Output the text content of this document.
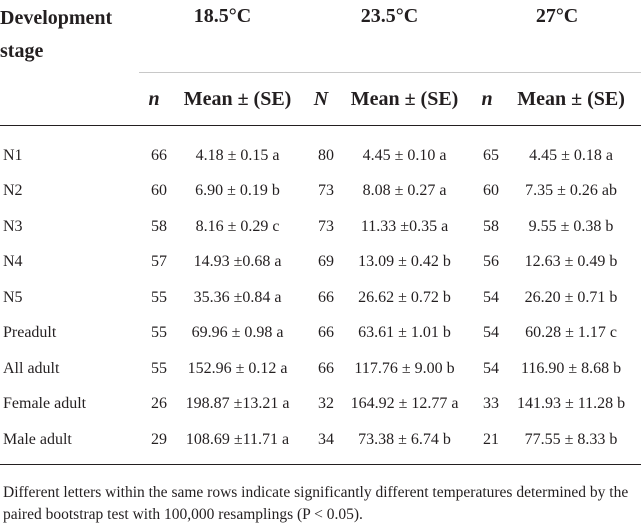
Development stage	18.5°C		23.5°C		27°C	
	n	Mean ± (SE)	N	Mean ± (SE)	n	Mean ± (SE)

N1	66	4.18 ± 0.15 a	80	4.45 ± 0.10 a	65	4.45 ± 0.18 a
N2	60	6.90 ± 0.19 b	73	8.08 ± 0.27 a	60	7.35 ± 0.26 ab
N3	58	8.16 ± 0.29 c	73	11.33 ±0.35 a	58	9.55 ± 0.38 b
N4	57	14.93 ±0.68 a	69	13.09 ± 0.42 b	56	12.63 ± 0.49 b
N5	55	35.36 ±0.84 a	66	26.62 ± 0.72 b	54	26.20 ± 0.71 b
Preadult	55	69.96 ± 0.98 a	66	63.61 ± 1.01 b	54	60.28 ± 1.17 c
All adult	55	152.96 ± 0.12 a	66	117.76 ± 9.00 b	54	116.90 ± 8.68 b
Female adult	26	198.87 ±13.21 a	32	164.92 ± 12.77 a	33	141.93 ± 11.28 b
Male adult	29	108.69 ±11.71 a	34	73.38 ± 6.74 b	21	77.55 ± 8.33 b

Different letters within the same rows indicate significantly different temperatures determined by the paired bootstrap test with 100,000 resamplings (P < 0.05).
